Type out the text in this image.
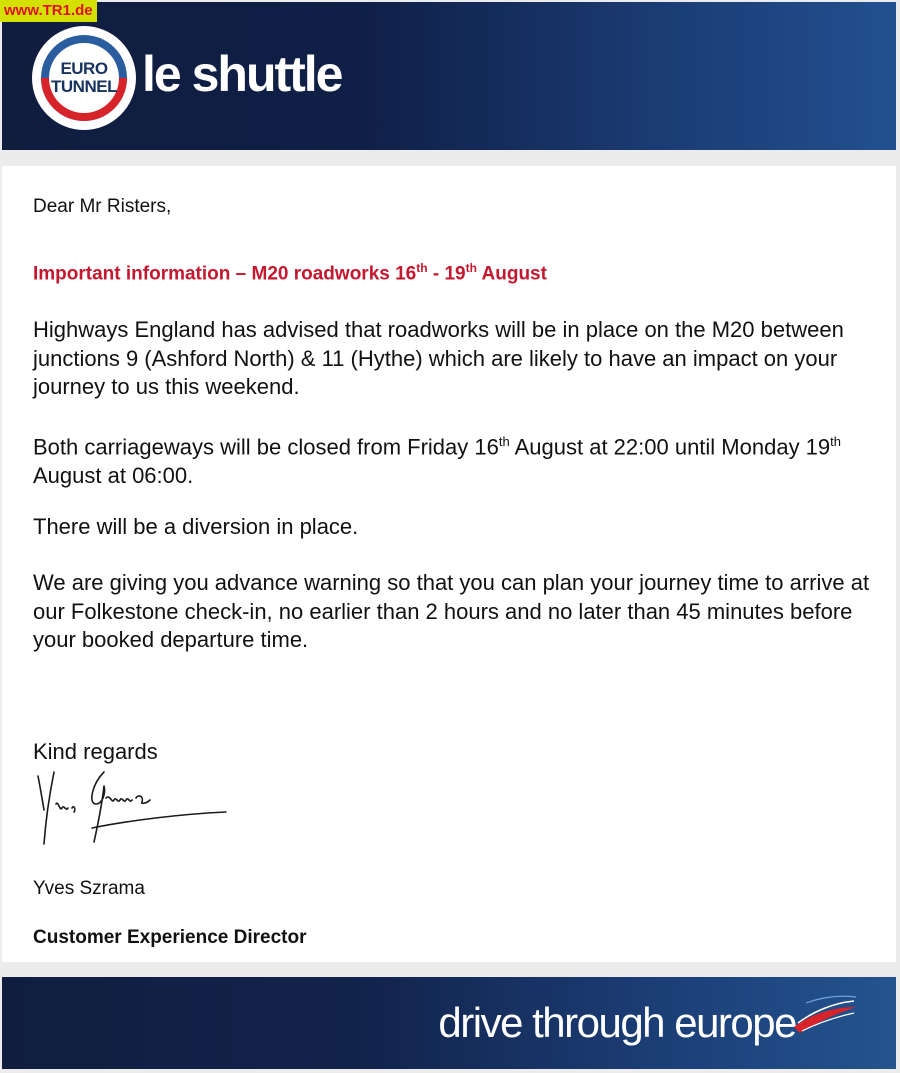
www.TR1.de
EURO
TUNNEL le shuttle
Dear Mr Risters,
Important information – M20 roadworks 16th - 19th August
Highways England has advised that roadworks will be in place on the M20 between junctions 9 (Ashford North) & 11 (Hythe) which are likely to have an impact on your journey to us this weekend.
Both carriageways will be closed from Friday 16th August at 22:00 until Monday 19th August at 06:00.
There will be a diversion in place.
We are giving you advance warning so that you can plan your journey time to arrive at our Folkestone check-in, no earlier than 2 hours and no later than 45 minutes before your booked departure time.
Kind regards
Yves Szrama
Customer Experience Director
drive through europe
